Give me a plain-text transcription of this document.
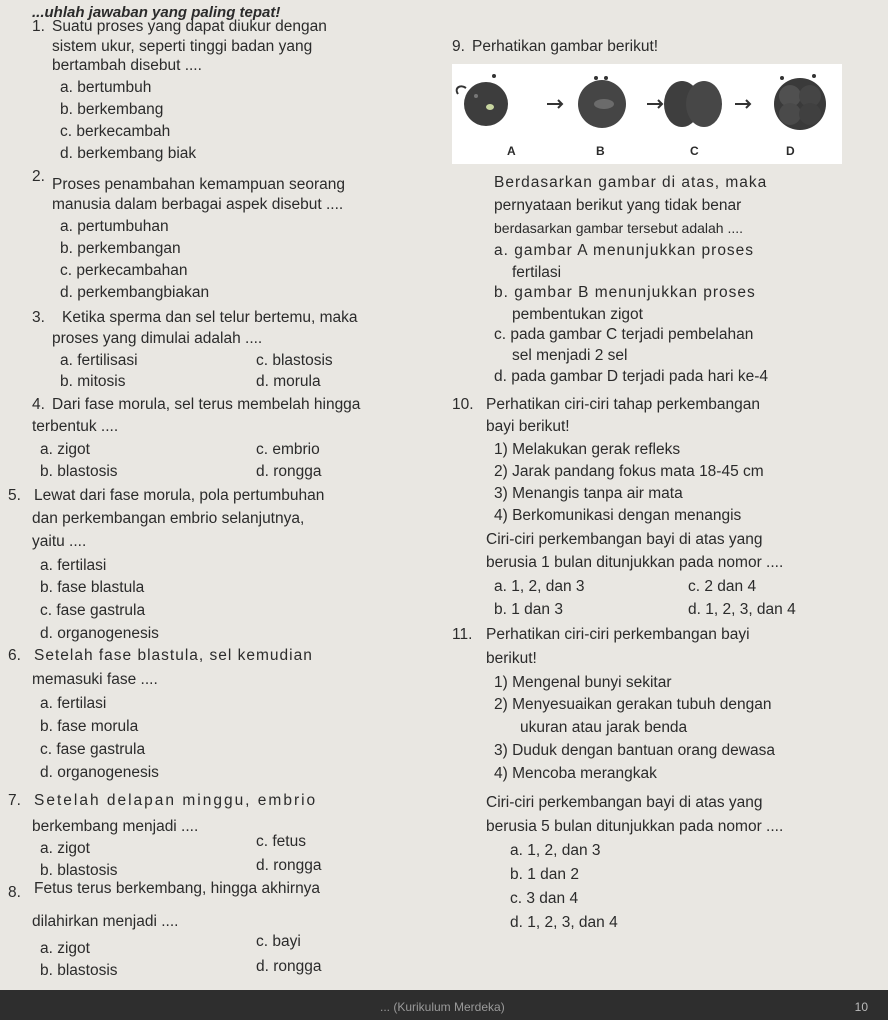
...uhlah jawaban yang paling tepat!
1. Suatu proses yang dapat diukur dengan
sistem ukur, seperti tinggi badan yang
bertambah disebut ....
a. bertumbuh
b. berkembang
c. berkecambah
d. berkembang biak
2. Proses penambahan kemampuan seorang
manusia dalam berbagai aspek disebut ....
a. pertumbuhan
b. perkembangan
c. perkecambahan
d. perkembangbiakan
3. Ketika sperma dan sel telur bertemu, maka
proses yang dimulai adalah ....
a. fertilisasi	c. blastosis
b. mitosis	d. morula
4. Dari fase morula, sel terus membelah hingga
terbentuk ....
a. zigot	c. embrio
b. blastosis	d. rongga
5. Lewat dari fase morula, pola pertumbuhan
dan perkembangan embrio selanjutnya,
yaitu ....
a. fertilasi
b. fase blastula
c. fase gastrula
d. organogenesis
6. Setelah fase blastula, sel kemudian
memasuki fase ....
a. fertilasi
b. fase morula
c. fase gastrula
d. organogenesis
7. Setelah delapan minggu, embrio
berkembang menjadi ....
a. zigot	c. fetus
b. blastosis	d. rongga
8. Fetus terus berkembang, hingga akhirnya
dilahirkan menjadi ....
a. zigot	c. bayi
b. blastosis	d. rongga
9. Perhatikan gambar berikut!
A	B	C	D
Berdasarkan gambar di atas, maka
pernyataan berikut yang tidak benar
berdasarkan gambar tersebut adalah ....
a. gambar A menunjukkan proses
fertilasi
b. gambar B menunjukkan proses
pembentukan zigot
c. pada gambar C terjadi pembelahan
sel menjadi 2 sel
d. pada gambar D terjadi pada hari ke-4
10. Perhatikan ciri-ciri tahap perkembangan
bayi berikut!
1) Melakukan gerak refleks
2) Jarak pandang fokus mata 18-45 cm
3) Menangis tanpa air mata
4) Berkomunikasi dengan menangis
Ciri-ciri perkembangan bayi di atas yang
berusia 1 bulan ditunjukkan pada nomor ....
a. 1, 2, dan 3	c. 2 dan 4
b. 1 dan 3	d. 1, 2, 3, dan 4
11. Perhatikan ciri-ciri perkembangan bayi
berikut!
1) Mengenal bunyi sekitar
2) Menyesuaikan gerakan tubuh dengan
ukuran atau jarak benda
3) Duduk dengan bantuan orang dewasa
4) Mencoba merangkak
Ciri-ciri perkembangan bayi di atas yang
berusia 5 bulan ditunjukkan pada nomor ....
a. 1, 2, dan 3
b. 1 dan 2
c. 3 dan 4
d. 1, 2, 3, dan 4
... (Kurikulum Merdeka)	10
